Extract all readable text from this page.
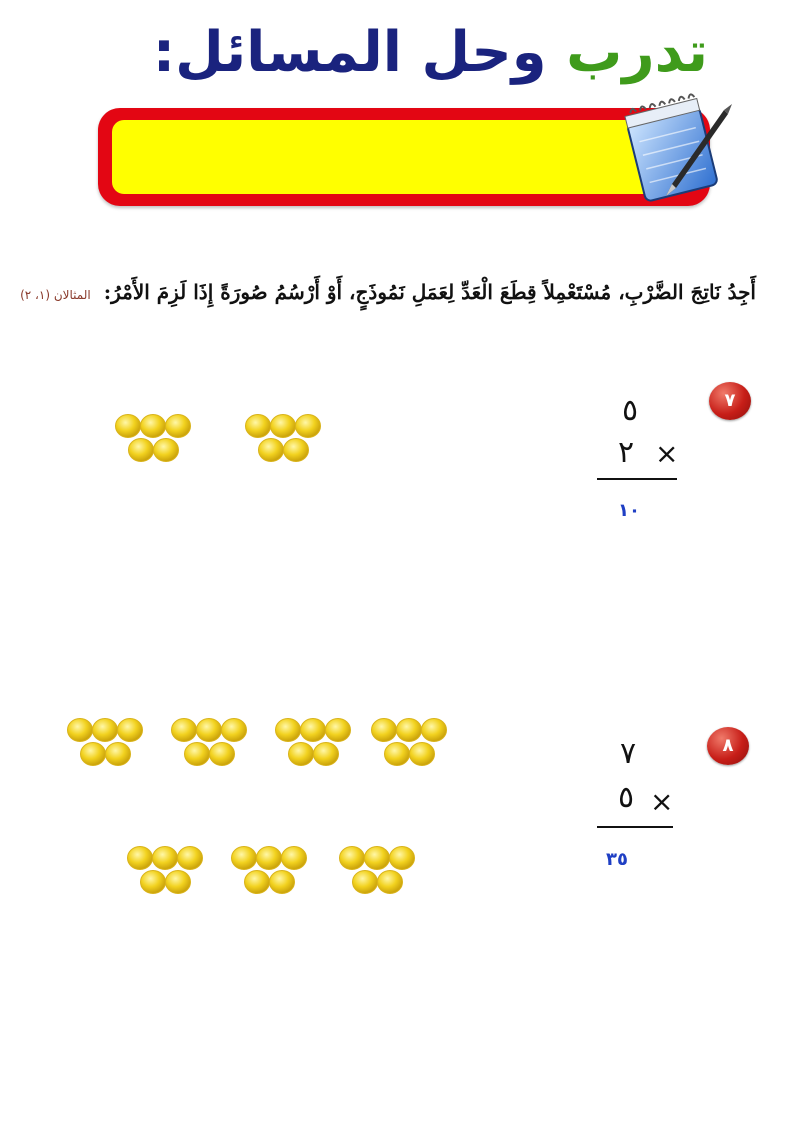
تدرب وحل المسائل:
أَجِدُ نَاتِجَ الضَّرْبِ، مُسْتَعْمِلاً قِطَعَ الْعَدِّ لِعَمَلِ نَمُوذَجٍ، أَوْ أَرْسُمُ صُورَةً إِذَا لَزِمَ الأَمْرُ: المثالان (١، ٢)
٧
٥
٢ ×
١٠
٨
٧
٥ ×
٣٥
